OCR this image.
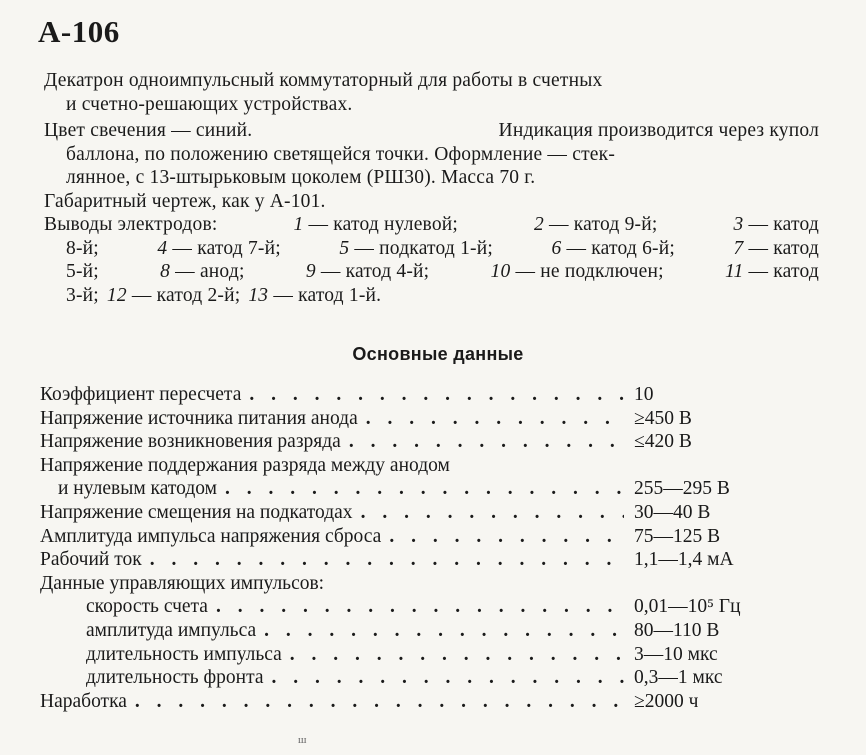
А-106
Декатрон одноимпульсный коммутаторный для работы в счетных
и счетно-решающих устройствах.
Цвет свечения — синий.	Индикация производится через купол
баллона, по положению светящейся точки. Оформление — стек-
лянное, с 13-штырьковым цоколем (РШ30). Масса 70 г.
Габаритный чертеж, как у А-101.
Выводы электродов:	1 — катод нулевой;	2 — катод 9-й;	3 — катод
8-й;	4 — катод 7-й;	5 — подкатод 1-й;	6 — катод 6-й;	7 — катод
5-й;	8 — анод;	9 — катод 4-й;	10 — не подключен;	11 — катод
3-й; 12 — катод 2-й; 13 — катод 1-й.
Основные данные
Коэффициент пересчета . . .	10
Напряжение источника питания анода . . .	≥450 В
Напряжение возникновения разряда . . .	≤420 В
Напряжение поддержания разряда между анодом
и нулевым катодом . . .	255—295 В
Напряжение смещения на подкатодах . . .	30—40 В
Амплитуда импульса напряжения сброса . . .	75—125 В
Рабочий ток . . .	1,1—1,4 мА
Данные управляющих импульсов:
скорость счета . . .	0,01—10⁵ Гц
амплитуда импульса . . .	80—110 В
длительность импульса . . .	3—10 мкс
длительность фронта . . .	0,3—1 мкс
Наработка . . .	≥2000 ч
ш
